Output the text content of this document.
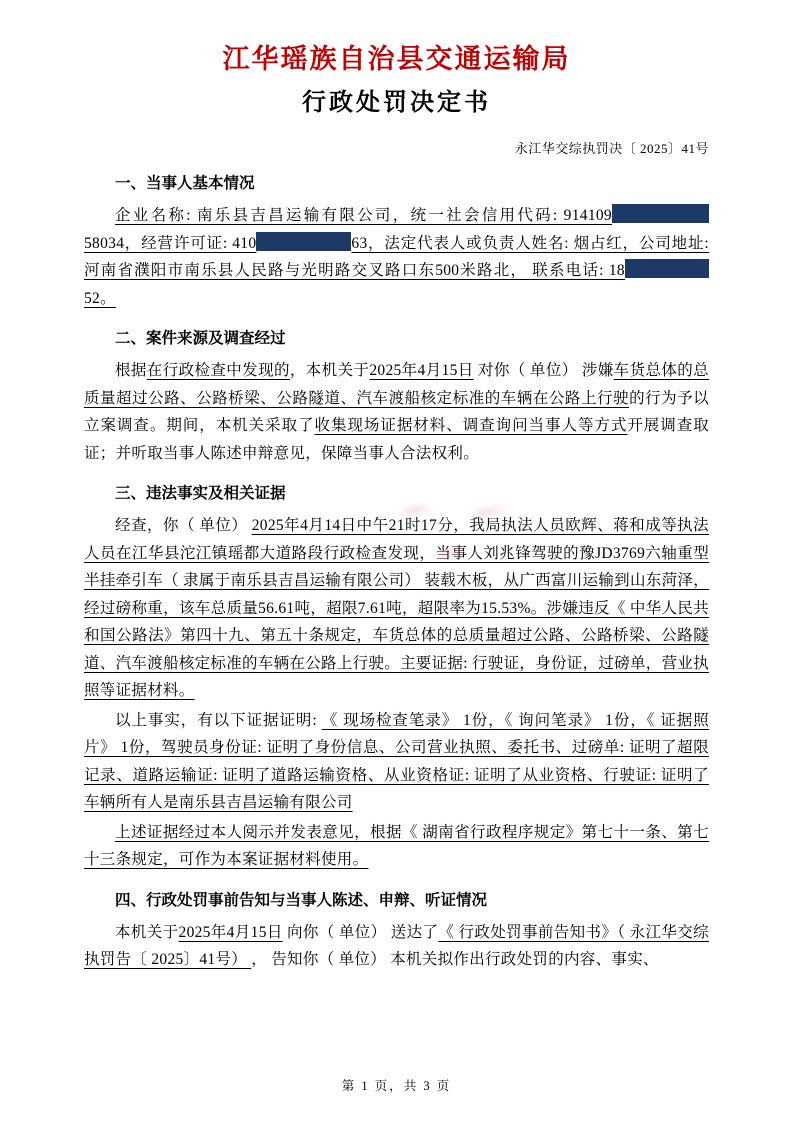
江华瑶族自治县交通运输局
行政处罚决定书
永江华交综执罚决〔 2025〕41号
一、当事人基本情况

企业名称: 南乐县吉昌运输有限公司，统一社会信用代码: 91410958034，经营许可证: 410	63，法定代表人或负责人姓名: 烟占红，公司地址: 河南省濮阳市南乐县人民路与光明路交叉路口东500米路北， 联系电话: 1852。

二、案件来源及调查经过

根据在行政检查中发现的，本机关于2025年4月15日 对你（ 单位） 涉嫌车货总体的总质量超过公路、公路桥梁、公路隧道、汽车渡船核定标准的车辆在公路上行驶的行为予以立案调查。期间，本机关采取了收集现场证据材料、调查询问当事人等方式开展调查取证；并听取当事人陈述申辩意见，保障当事人合法权利。

三、违法事实及相关证据

经查，你（ 单位） 2025年4月14日中午21时17分，我局执法人员欧辉、蒋和成等执法人员在江华县沱江镇瑶都大道路段行政检查发现，当事人刘兆锋驾驶的豫JD3769六轴重型半挂牵引车（ 隶属于南乐县吉昌运输有限公司） 装载木板，从广西富川运输到山东菏泽，经过磅称重，该车总质量56.61吨，超限7.61吨，超限率为15.53%。涉嫌违反《 中华人民共和国公路法》第四十九、第五十条规定，车货总体的总质量超过公路、公路桥梁、公路隧道、汽车渡船核定标准的车辆在公路上行驶。主要证据: 行驶证，身份证，过磅单，营业执照等证据材料。

以上事实，有以下证据证明: 《 现场检查笔录》 1份，《 询问笔录》 1份，《 证据照片》 1份，驾驶员身份证: 证明了身份信息、公司营业执照、委托书、过磅单: 证明了超限记录、道路运输证: 证明了道路运输资格、从业资格证: 证明了从业资格、行驶证: 证明了车辆所有人是南乐县吉昌运输有限公司

上述证据经过本人阅示并发表意见，根据《 湖南省行政程序规定》第七十一条、第七十三条规定，可作为本案证据材料使用。

四、行政处罚事前告知与当事人陈述、申辩、听证情况

本机关于2025年4月15日 向你（ 单位） 送达了《 行政处罚事前告知书》（ 永江华交综执罚告〔 2025〕41号） ， 告知你（ 单位） 本机关拟作出行政处罚的内容、事实、

第 1 页，共 3 页
